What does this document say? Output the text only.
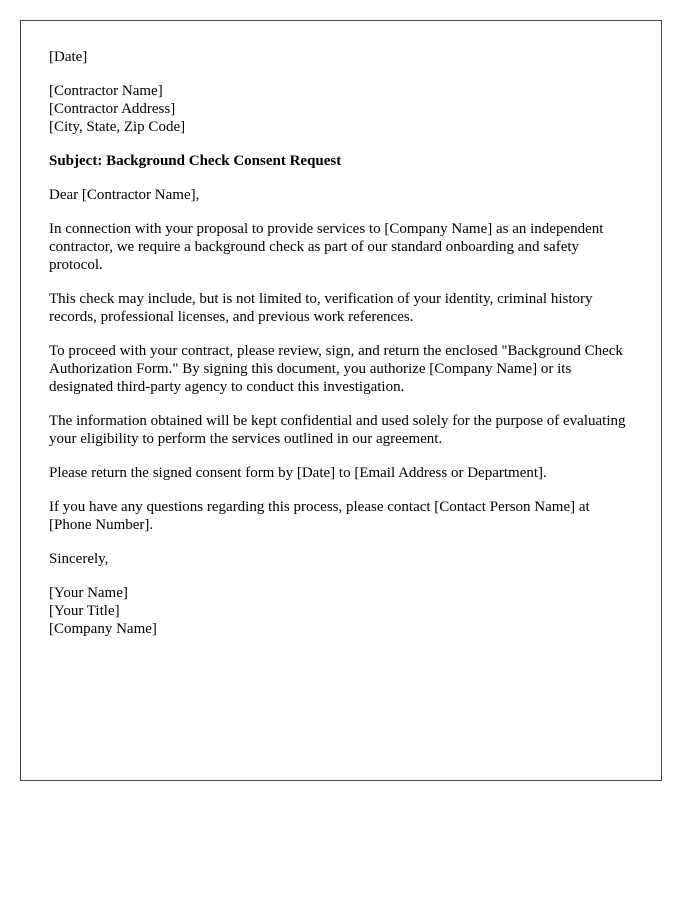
[Date]
[Contractor Name]
[Contractor Address]
[City, State, Zip Code]

Subject: Background Check Consent Request

Dear [Contractor Name],

In connection with your proposal to provide services to [Company Name] as an independent contractor, we require a background check as part of our standard onboarding and safety protocol.

This check may include, but is not limited to, verification of your identity, criminal history records, professional licenses, and previous work references.

To proceed with your contract, please review, sign, and return the enclosed "Background Check Authorization Form." By signing this document, you authorize [Company Name] or its designated third-party agency to conduct this investigation.

The information obtained will be kept confidential and used solely for the purpose of evaluating your eligibility to perform the services outlined in our agreement.

Please return the signed consent form by [Date] to [Email Address or Department].

If you have any questions regarding this process, please contact [Contact Person Name] at [Phone Number].

Sincerely,

[Your Name]
[Your Title]
[Company Name]
